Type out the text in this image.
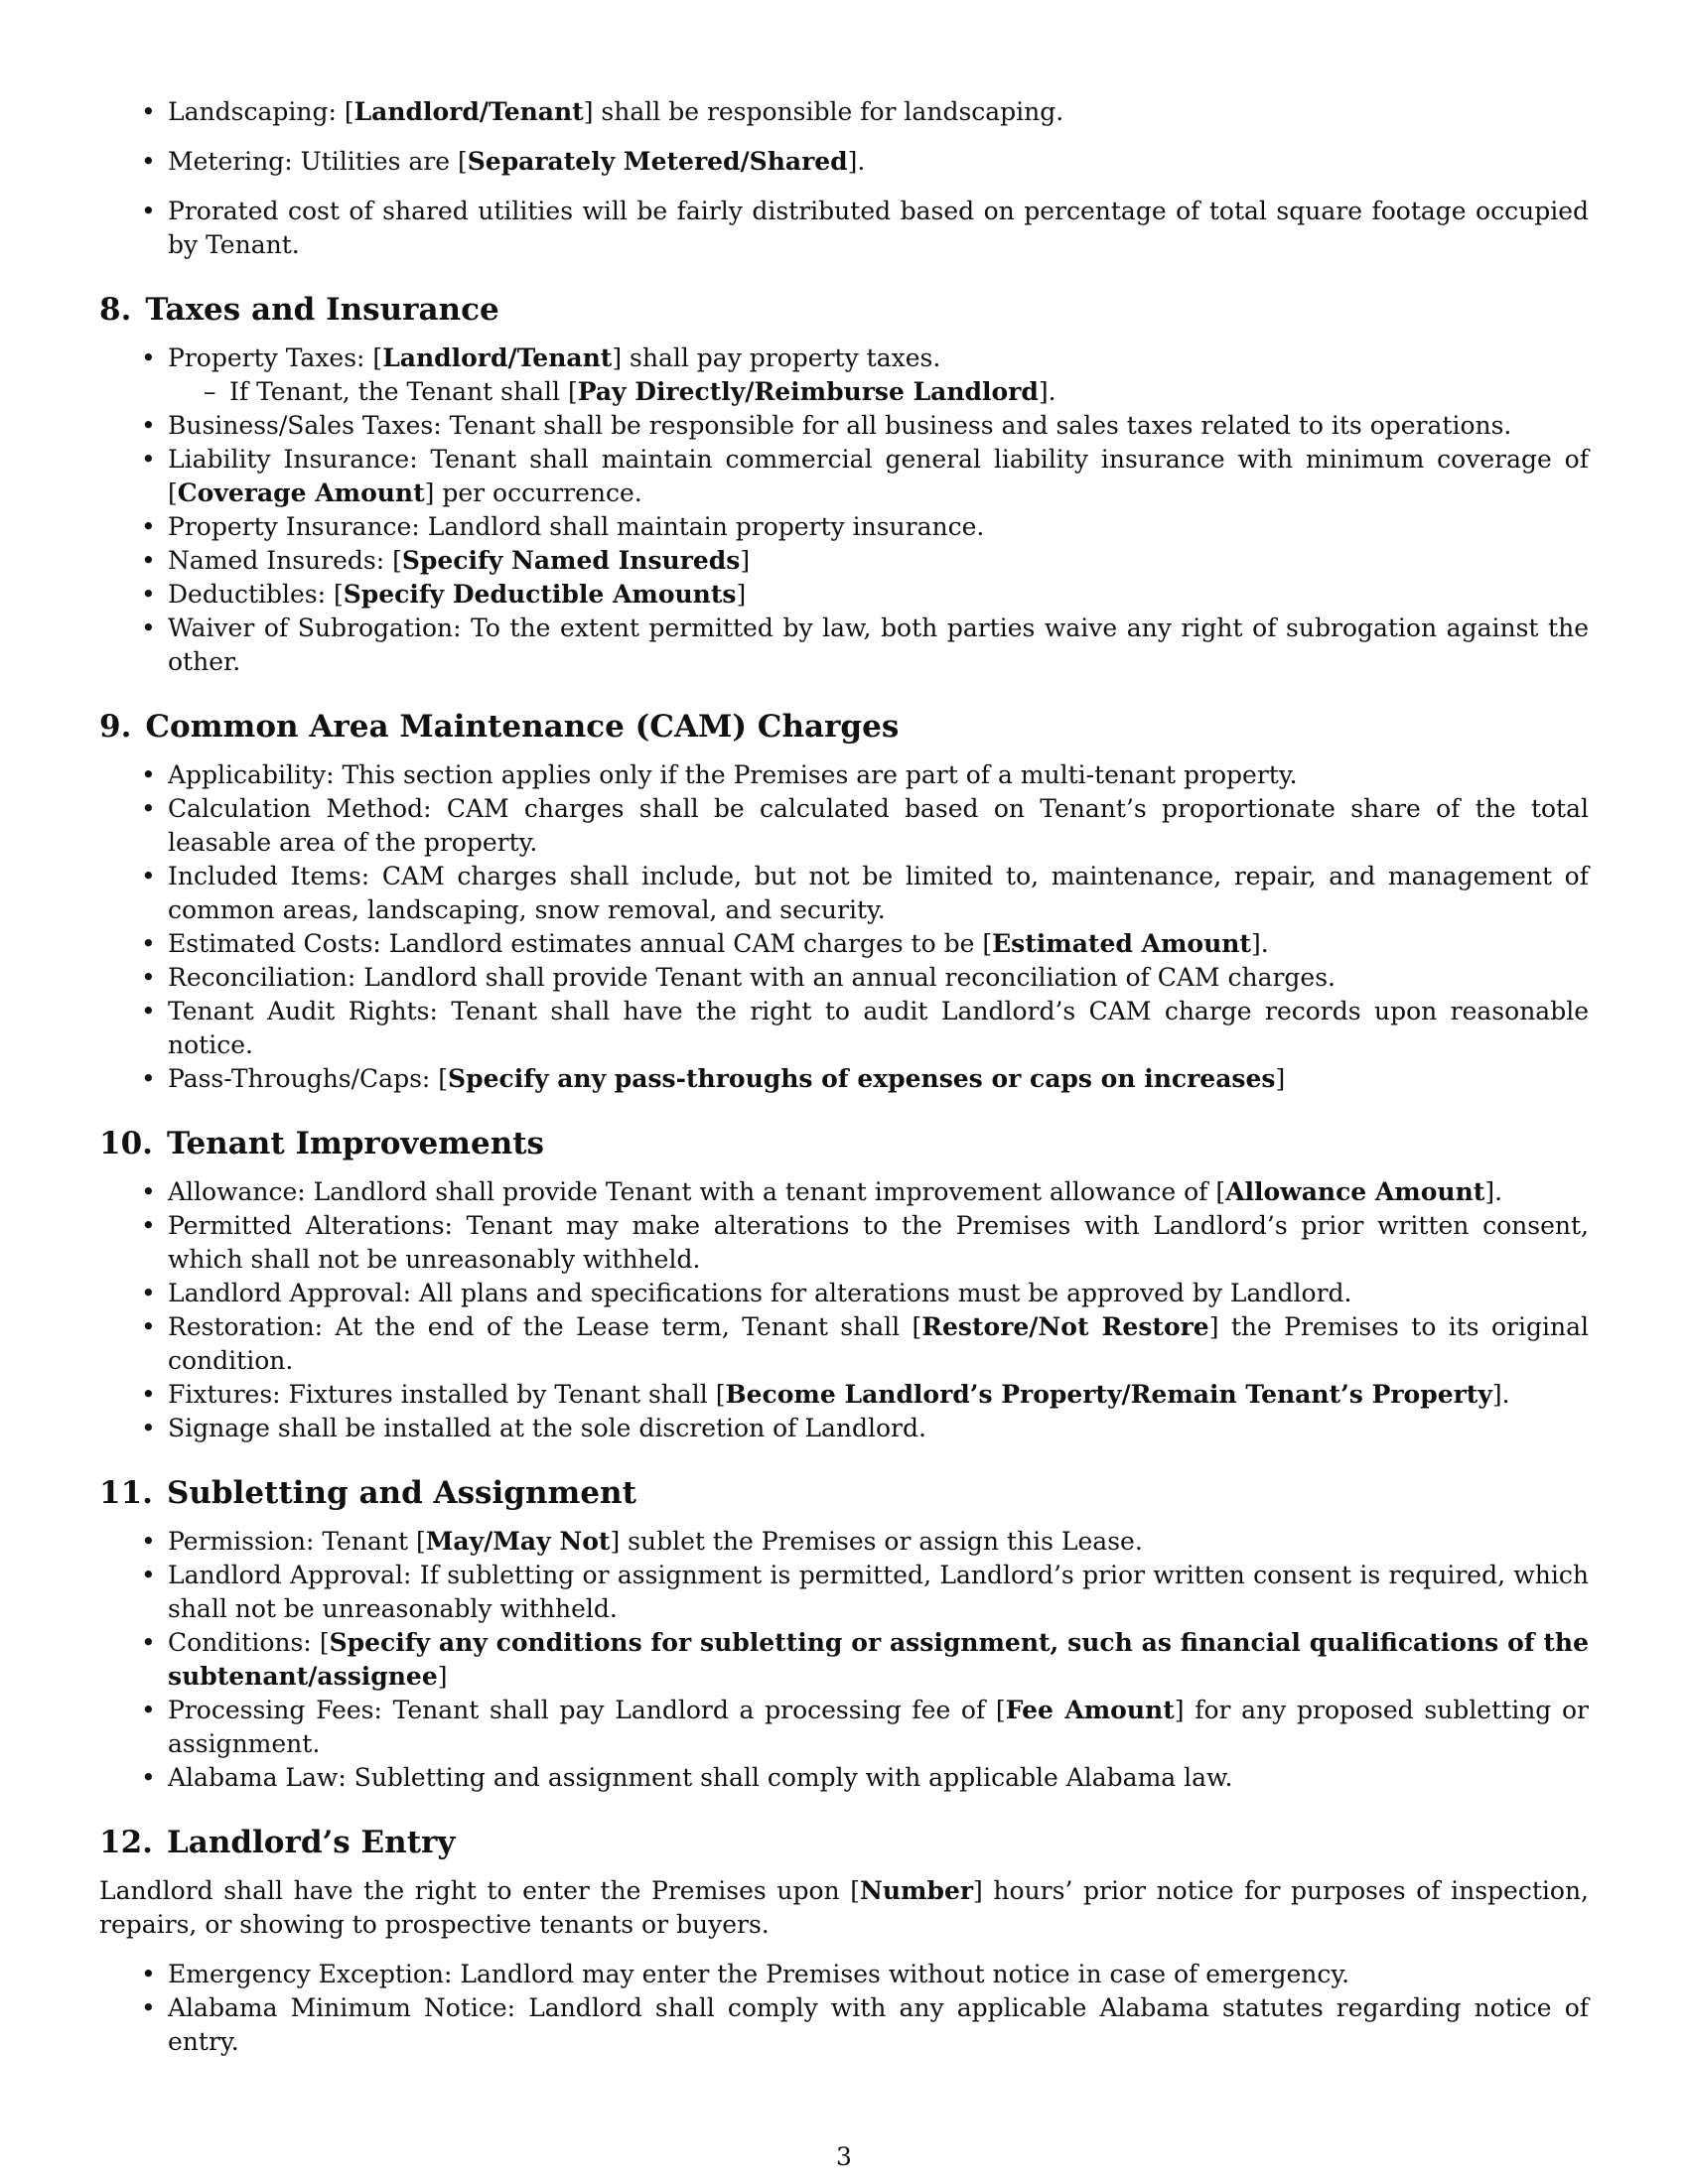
• Landscaping: [Landlord/Tenant] shall be responsible for landscaping.
• Metering: Utilities are [Separately Metered/Shared].
• Prorated cost of shared utilities will be fairly distributed based on percentage of total square footage occupied by Tenant.
8. Taxes and Insurance
• Property Taxes: [Landlord/Tenant] shall pay property taxes.
– If Tenant, the Tenant shall [Pay Directly/Reimburse Landlord].
• Business/Sales Taxes: Tenant shall be responsible for all business and sales taxes related to its operations.
• Liability Insurance: Tenant shall maintain commercial general liability insurance with minimum coverage of [Coverage Amount] per occurrence.
• Property Insurance: Landlord shall maintain property insurance.
• Named Insureds: [Specify Named Insureds]
• Deductibles: [Specify Deductible Amounts]
• Waiver of Subrogation: To the extent permitted by law, both parties waive any right of subrogation against the other.
9. Common Area Maintenance (CAM) Charges
• Applicability: This section applies only if the Premises are part of a multi-tenant property.
• Calculation Method: CAM charges shall be calculated based on Tenant’s proportionate share of the total leasable area of the property.
• Included Items: CAM charges shall include, but not be limited to, maintenance, repair, and management of common areas, landscaping, snow removal, and security.
• Estimated Costs: Landlord estimates annual CAM charges to be [Estimated Amount].
• Reconciliation: Landlord shall provide Tenant with an annual reconciliation of CAM charges.
• Tenant Audit Rights: Tenant shall have the right to audit Landlord’s CAM charge records upon reasonable notice.
• Pass-Throughs/Caps: [Specify any pass-throughs of expenses or caps on increases]
10. Tenant Improvements
• Allowance: Landlord shall provide Tenant with a tenant improvement allowance of [Allowance Amount].
• Permitted Alterations: Tenant may make alterations to the Premises with Landlord’s prior written consent, which shall not be unreasonably withheld.
• Landlord Approval: All plans and specifications for alterations must be approved by Landlord.
• Restoration: At the end of the Lease term, Tenant shall [Restore/Not Restore] the Premises to its original condition.
• Fixtures: Fixtures installed by Tenant shall [Become Landlord’s Property/Remain Tenant’s Property].
• Signage shall be installed at the sole discretion of Landlord.
11. Subletting and Assignment
• Permission: Tenant [May/May Not] sublet the Premises or assign this Lease.
• Landlord Approval: If subletting or assignment is permitted, Landlord’s prior written consent is required, which shall not be unreasonably withheld.
• Conditions: [Specify any conditions for subletting or assignment, such as financial qualifications of the subtenant/assignee]
• Processing Fees: Tenant shall pay Landlord a processing fee of [Fee Amount] for any proposed subletting or assignment.
• Alabama Law: Subletting and assignment shall comply with applicable Alabama law.
12. Landlord’s Entry

Landlord shall have the right to enter the Premises upon [Number] hours’ prior notice for purposes of inspection, repairs, or showing to prospective tenants or buyers.

• Emergency Exception: Landlord may enter the Premises without notice in case of emergency.
• Alabama Minimum Notice: Landlord shall comply with any applicable Alabama statutes regarding notice of entry.
3
